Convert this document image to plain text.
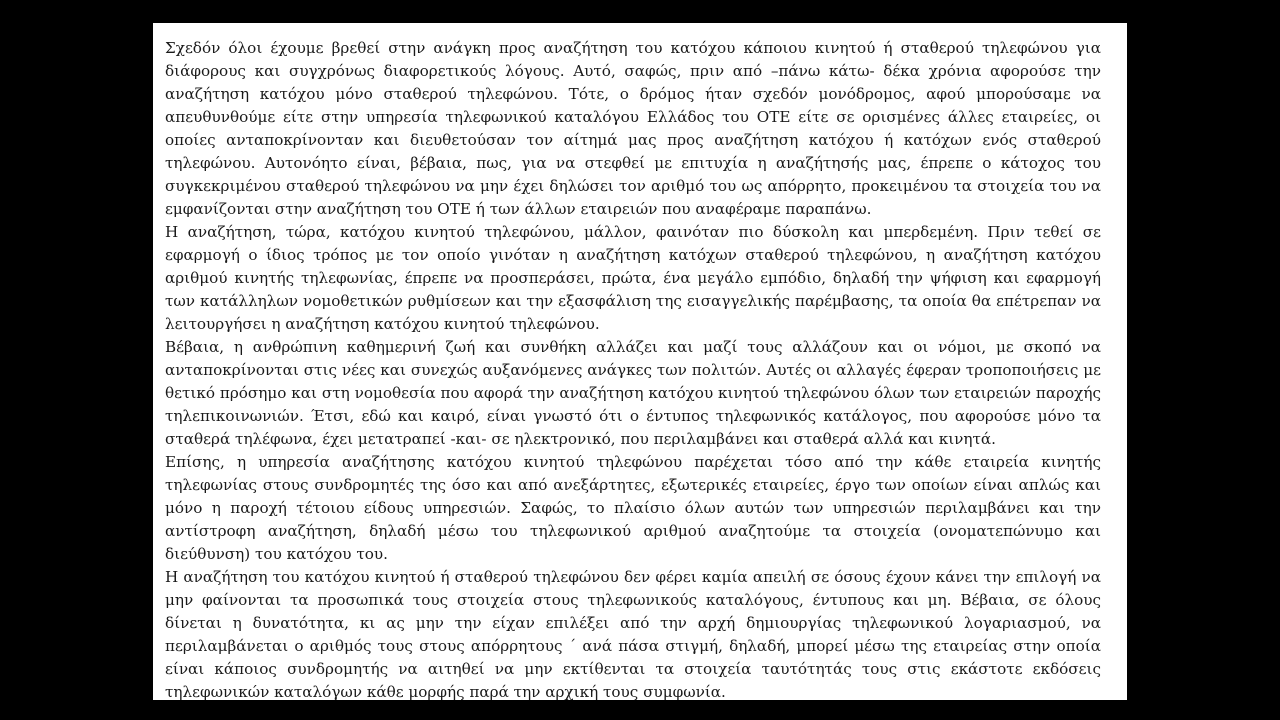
Σχεδόν όλοι έχουμε βρεθεί στην ανάγκη προς αναζήτηση του κατόχου κάποιου κινητού ή σταθερού τηλεφώνου για διάφορους και συγχρόνως διαφορετικούς λόγους. Αυτό, σαφώς, πριν από –πάνω κάτω- δέκα χρόνια αφορούσε την αναζήτηση κατόχου μόνο σταθερού τηλεφώνου. Τότε, ο δρόμος ήταν σχεδόν μονόδρομος, αφού μπορούσαμε να απευθυνθούμε είτε στην υπηρεσία τηλεφωνικού καταλόγου Ελλάδος του ΟΤΕ είτε σε ορισμένες άλλες εταιρείες, οι οποίες ανταποκρίνονταν και διευθετούσαν τον αίτημά μας προς αναζήτηση κατόχου ή κατόχων ενός σταθερού τηλεφώνου. Αυτονόητο είναι, βέβαια, πως, για να στεφθεί με επιτυχία η αναζήτησής μας, έπρεπε ο κάτοχος του συγκεκριμένου σταθερού τηλεφώνου να μην έχει δηλώσει τον αριθμό του ως απόρρητο, προκειμένου τα στοιχεία του να εμφανίζονται στην αναζήτηση του ΟΤΕ ή των άλλων εταιρειών που αναφέραμε παραπάνω.

Η αναζήτηση, τώρα, κατόχου κινητού τηλεφώνου, μάλλον, φαινόταν πιο δύσκολη και μπερδεμένη. Πριν τεθεί σε εφαρμογή ο ίδιος τρόπος με τον οποίο γινόταν η αναζήτηση κατόχων σταθερού τηλεφώνου, η αναζήτηση κατόχου αριθμού κινητής τηλεφωνίας, έπρεπε να προσπεράσει, πρώτα, ένα μεγάλο εμπόδιο, δηλαδή την ψήφιση και εφαρμογή των κατάλληλων νομοθετικών ρυθμίσεων και την εξασφάλιση της εισαγγελικής παρέμβασης, τα οποία θα επέτρεπαν να λειτουργήσει η αναζήτηση κατόχου κινητού τηλεφώνου.

Βέβαια, η ανθρώπινη καθημερινή ζωή και συνθήκη αλλάζει και μαζί τους αλλάζουν και οι νόμοι, με σκοπό να ανταποκρίνονται στις νέες και συνεχώς αυξανόμενες ανάγκες των πολιτών. Αυτές οι αλλαγές έφεραν τροποποιήσεις με θετικό πρόσημο και στη νομοθεσία που αφορά την αναζήτηση κατόχου κινητού τηλεφώνου όλων των εταιρειών παροχής τηλεπικοινωνιών. Έτσι, εδώ και καιρό, είναι γνωστό ότι ο έντυπος τηλεφωνικός κατάλογος, που αφορούσε μόνο τα σταθερά τηλέφωνα, έχει μετατραπεί -και- σε ηλεκτρονικό, που περιλαμβάνει και σταθερά αλλά και κινητά.

Επίσης, η υπηρεσία αναζήτησης κατόχου κινητού τηλεφώνου παρέχεται τόσο από την κάθε εταιρεία κινητής τηλεφωνίας στους συνδρομητές της όσο και από ανεξάρτητες, εξωτερικές εταιρείες, έργο των οποίων είναι απλώς και μόνο η παροχή τέτοιου είδους υπηρεσιών. Σαφώς, το πλαίσιο όλων αυτών των υπηρεσιών περιλαμβάνει και την αντίστροφη αναζήτηση, δηλαδή μέσω του τηλεφωνικού αριθμού αναζητούμε τα στοιχεία (ονοματεπώνυμο και διεύθυνση) του κατόχου του.

Η αναζήτηση του κατόχου κινητού ή σταθερού τηλεφώνου δεν φέρει καμία απειλή σε όσους έχουν κάνει την επιλογή να μην φαίνονται τα προσωπικά τους στοιχεία στους τηλεφωνικούς καταλόγους, έντυπους και μη. Βέβαια, σε όλους δίνεται η δυνατότητα, κι ας μην την είχαν επιλέξει από την αρχή δημιουργίας τηλεφωνικού λογαριασμού, να περιλαμβάνεται ο αριθμός τους στους απόρρητους ΄ ανά πάσα στιγμή, δηλαδή, μπορεί μέσω της εταιρείας στην οποία είναι κάποιος συνδρομητής να αιτηθεί να μην εκτίθενται τα στοιχεία ταυτότητάς τους στις εκάστοτε εκδόσεις τηλεφωνικών καταλόγων κάθε μορφής παρά την αρχική τους συμφωνία.
